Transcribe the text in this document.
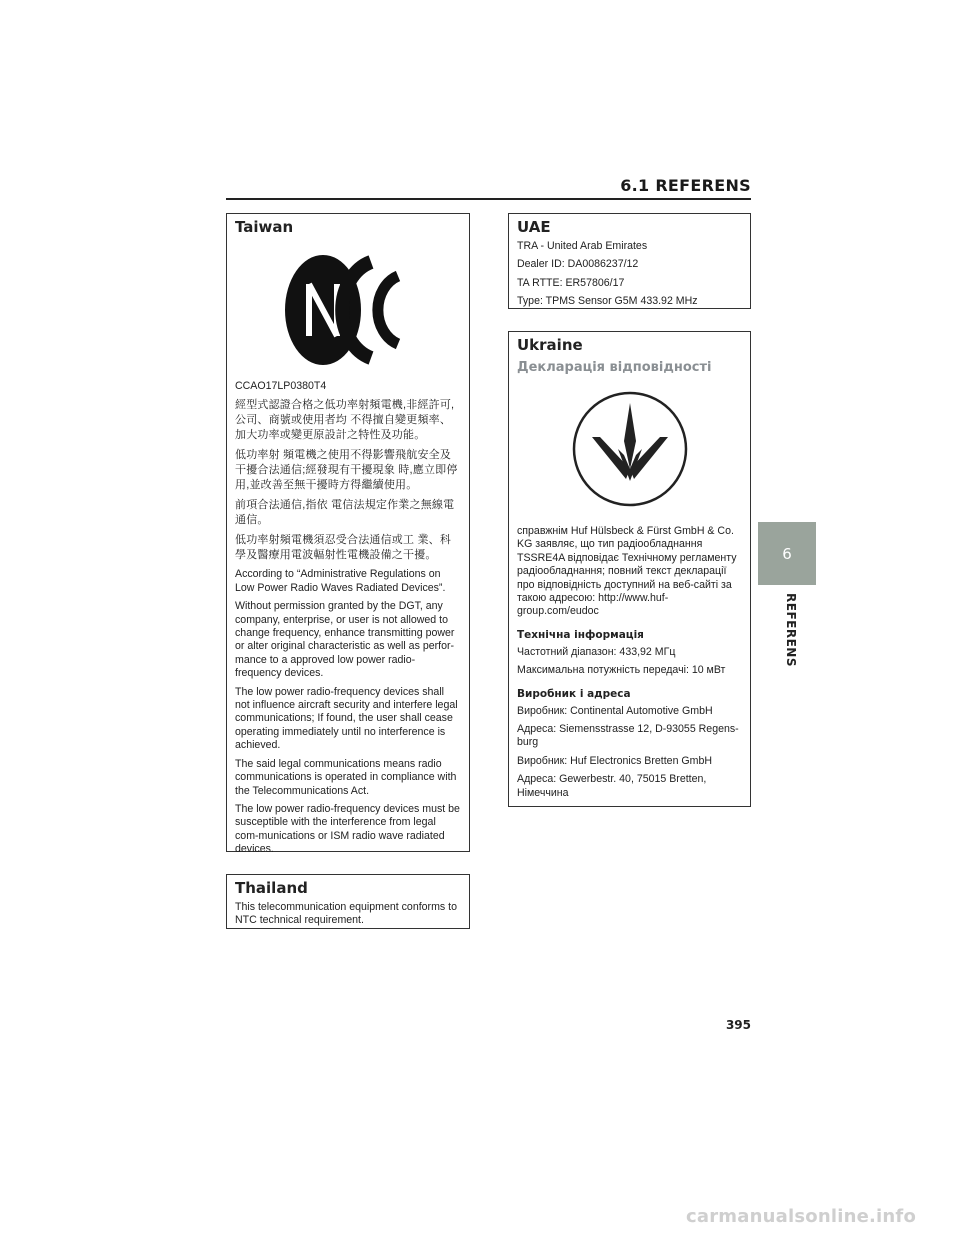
6.1 REFERENS
Taiwan

CCAO17LP0380T4

經型式認證合格之低功率射頻電機,非經許可,公司、商號或使用者均 不得擅自變更頻率、加大功率或變更原設計之特性及功能。

低功率射 頻電機之使用不得影響飛航安全及干擾合法通信;經發現有干擾現象 時,應立即停用,並改善至無干擾時方得繼續使用。

前項合法通信,指依 電信法規定作業之無線電通信。

低功率射頻電機須忍受合法通信或工 業、科學及醫療用電波輻射性電機設備之干擾。

According to “Administrative Regulations on Low Power Radio Waves Radiated Devices”.

Without permission granted by the DGT, any company, enterprise, or user is not allowed to change frequency, enhance transmitting power or alter original characteristic as well as perfor-mance to a approved low power radio-frequency devices.

The low power radio-frequency devices shall not influence aircraft security and interfere legal communications; If found, the user shall cease operating immediately until no interference is achieved.

The said legal communications means radio communications is operated in compliance with the Telecommunications Act.

The low power radio-frequency devices must be susceptible with the interference from legal com-munications or ISM radio wave radiated devices.

Thailand

This telecommunication equipment conforms to NTC technical requirement.

UAE

TRA - United Arab Emirates

Dealer ID: DA0086237/12

TA RTTE: ER57806/17

Type: TPMS Sensor G5M 433.92 MHz

Ukraine
Декларація відповідності

справжнім Huf Hülsbeck & Fürst GmbH & Co. KG заявляє, що тип радіообладнання TSSRE4A відповідає Технічному регламенту радіообладнання; повний текст декларації про відповідність доступний на веб-сайті за такою адресою: http://www.huf-group.com/eudoc

Технічна інформація

Частотний діапазон: 433,92 МГц

Максимальна потужність передачі: 10 мВт

Виробник і адреса

Виробник: Continental Automotive GmbH

Адреса: Siemensstrasse 12, D-93055 Regens-burg

Виробник: Huf Electronics Bretten GmbH

Адреса: Gewerbestr. 40, 75015 Bretten, Німеччина

6
REFERENS
395
carmanualsonline.info
